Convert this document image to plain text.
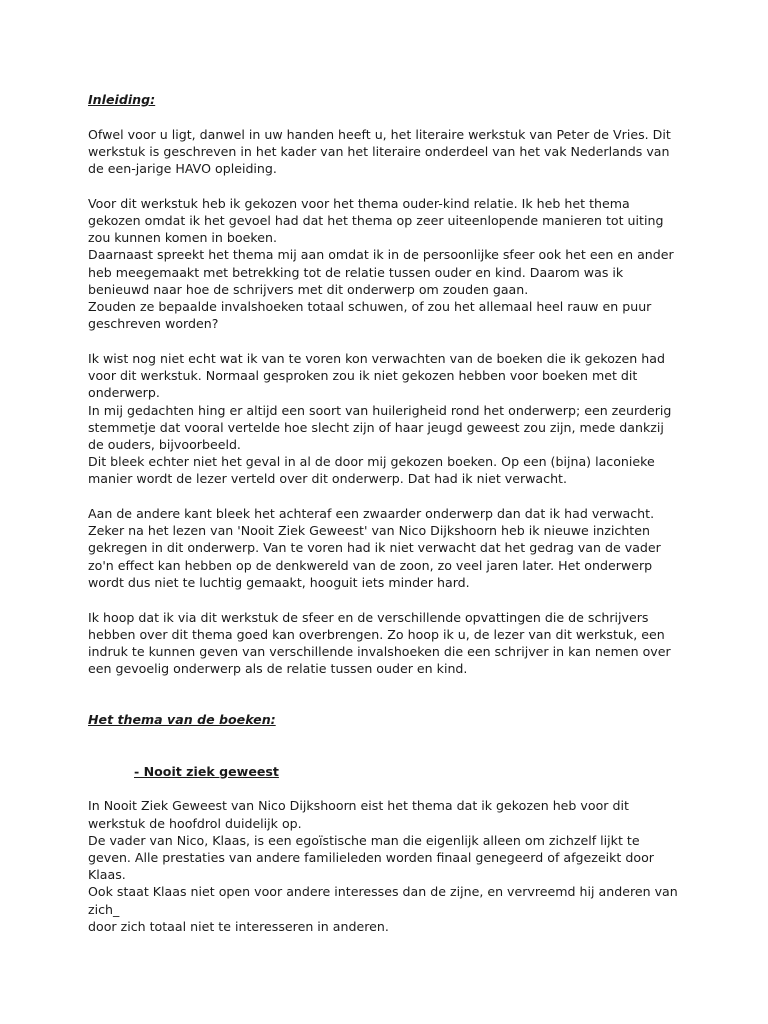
Inleiding:

Ofwel voor u ligt, danwel in uw handen heeft u, het literaire werkstuk van Peter de Vries. Dit
werkstuk is geschreven in het kader van het literaire onderdeel van het vak Nederlands van
de een-jarige HAVO opleiding.
Voor dit werkstuk heb ik gekozen voor het thema ouder-kind relatie. Ik heb het thema
gekozen omdat ik het gevoel had dat het thema op zeer uiteenlopende manieren tot uiting
zou kunnen komen in boeken.
Daarnaast spreekt het thema mij aan omdat ik in de persoonlijke sfeer ook het een en ander
heb meegemaakt met betrekking tot de relatie tussen ouder en kind. Daarom was ik
benieuwd naar hoe de schrijvers met dit onderwerp om zouden gaan.
Zouden ze bepaalde invalshoeken totaal schuwen, of zou het allemaal heel rauw en puur
geschreven worden?
Ik wist nog niet echt wat ik van te voren kon verwachten van de boeken die ik gekozen had
voor dit werkstuk. Normaal gesproken zou ik niet gekozen hebben voor boeken met dit
onderwerp.
In mij gedachten hing er altijd een soort van huilerigheid rond het onderwerp; een zeurderig
stemmetje dat vooral vertelde hoe slecht zijn of haar jeugd geweest zou zijn, mede dankzij
de ouders, bijvoorbeeld.
Dit bleek echter niet het geval in al de door mij gekozen boeken. Op een (bijna) laconieke
manier wordt de lezer verteld over dit onderwerp. Dat had ik niet verwacht.
Aan de andere kant bleek het achteraf een zwaarder onderwerp dan dat ik had verwacht.
Zeker na het lezen van 'Nooit Ziek Geweest' van Nico Dijkshoorn heb ik nieuwe inzichten
gekregen in dit onderwerp. Van te voren had ik niet verwacht dat het gedrag van de vader
zo'n effect kan hebben op de denkwereld van de zoon, zo veel jaren later. Het onderwerp
wordt dus niet te luchtig gemaakt, hooguit iets minder hard.
Ik hoop dat ik via dit werkstuk de sfeer en de verschillende opvattingen die de schrijvers
hebben over dit thema goed kan overbrengen. Zo hoop ik u, de lezer van dit werkstuk, een
indruk te kunnen geven van verschillende invalshoeken die een schrijver in kan nemen over
een gevoelig onderwerp als de relatie tussen ouder en kind.

Het thema van de boeken:

- Nooit ziek geweest

In Nooit Ziek Geweest van Nico Dijkshoorn eist het thema dat ik gekozen heb voor dit
werkstuk de hoofdrol duidelijk op.
De vader van Nico, Klaas, is een egoïstische man die eigenlijk alleen om zichzelf lijkt te
geven. Alle prestaties van andere familieleden worden finaal genegeerd of afgezeikt door
Klaas.
Ook staat Klaas niet open voor andere interesses dan de zijne, en vervreemd hij anderen van
zich_
door zich totaal niet te interesseren in anderen.
